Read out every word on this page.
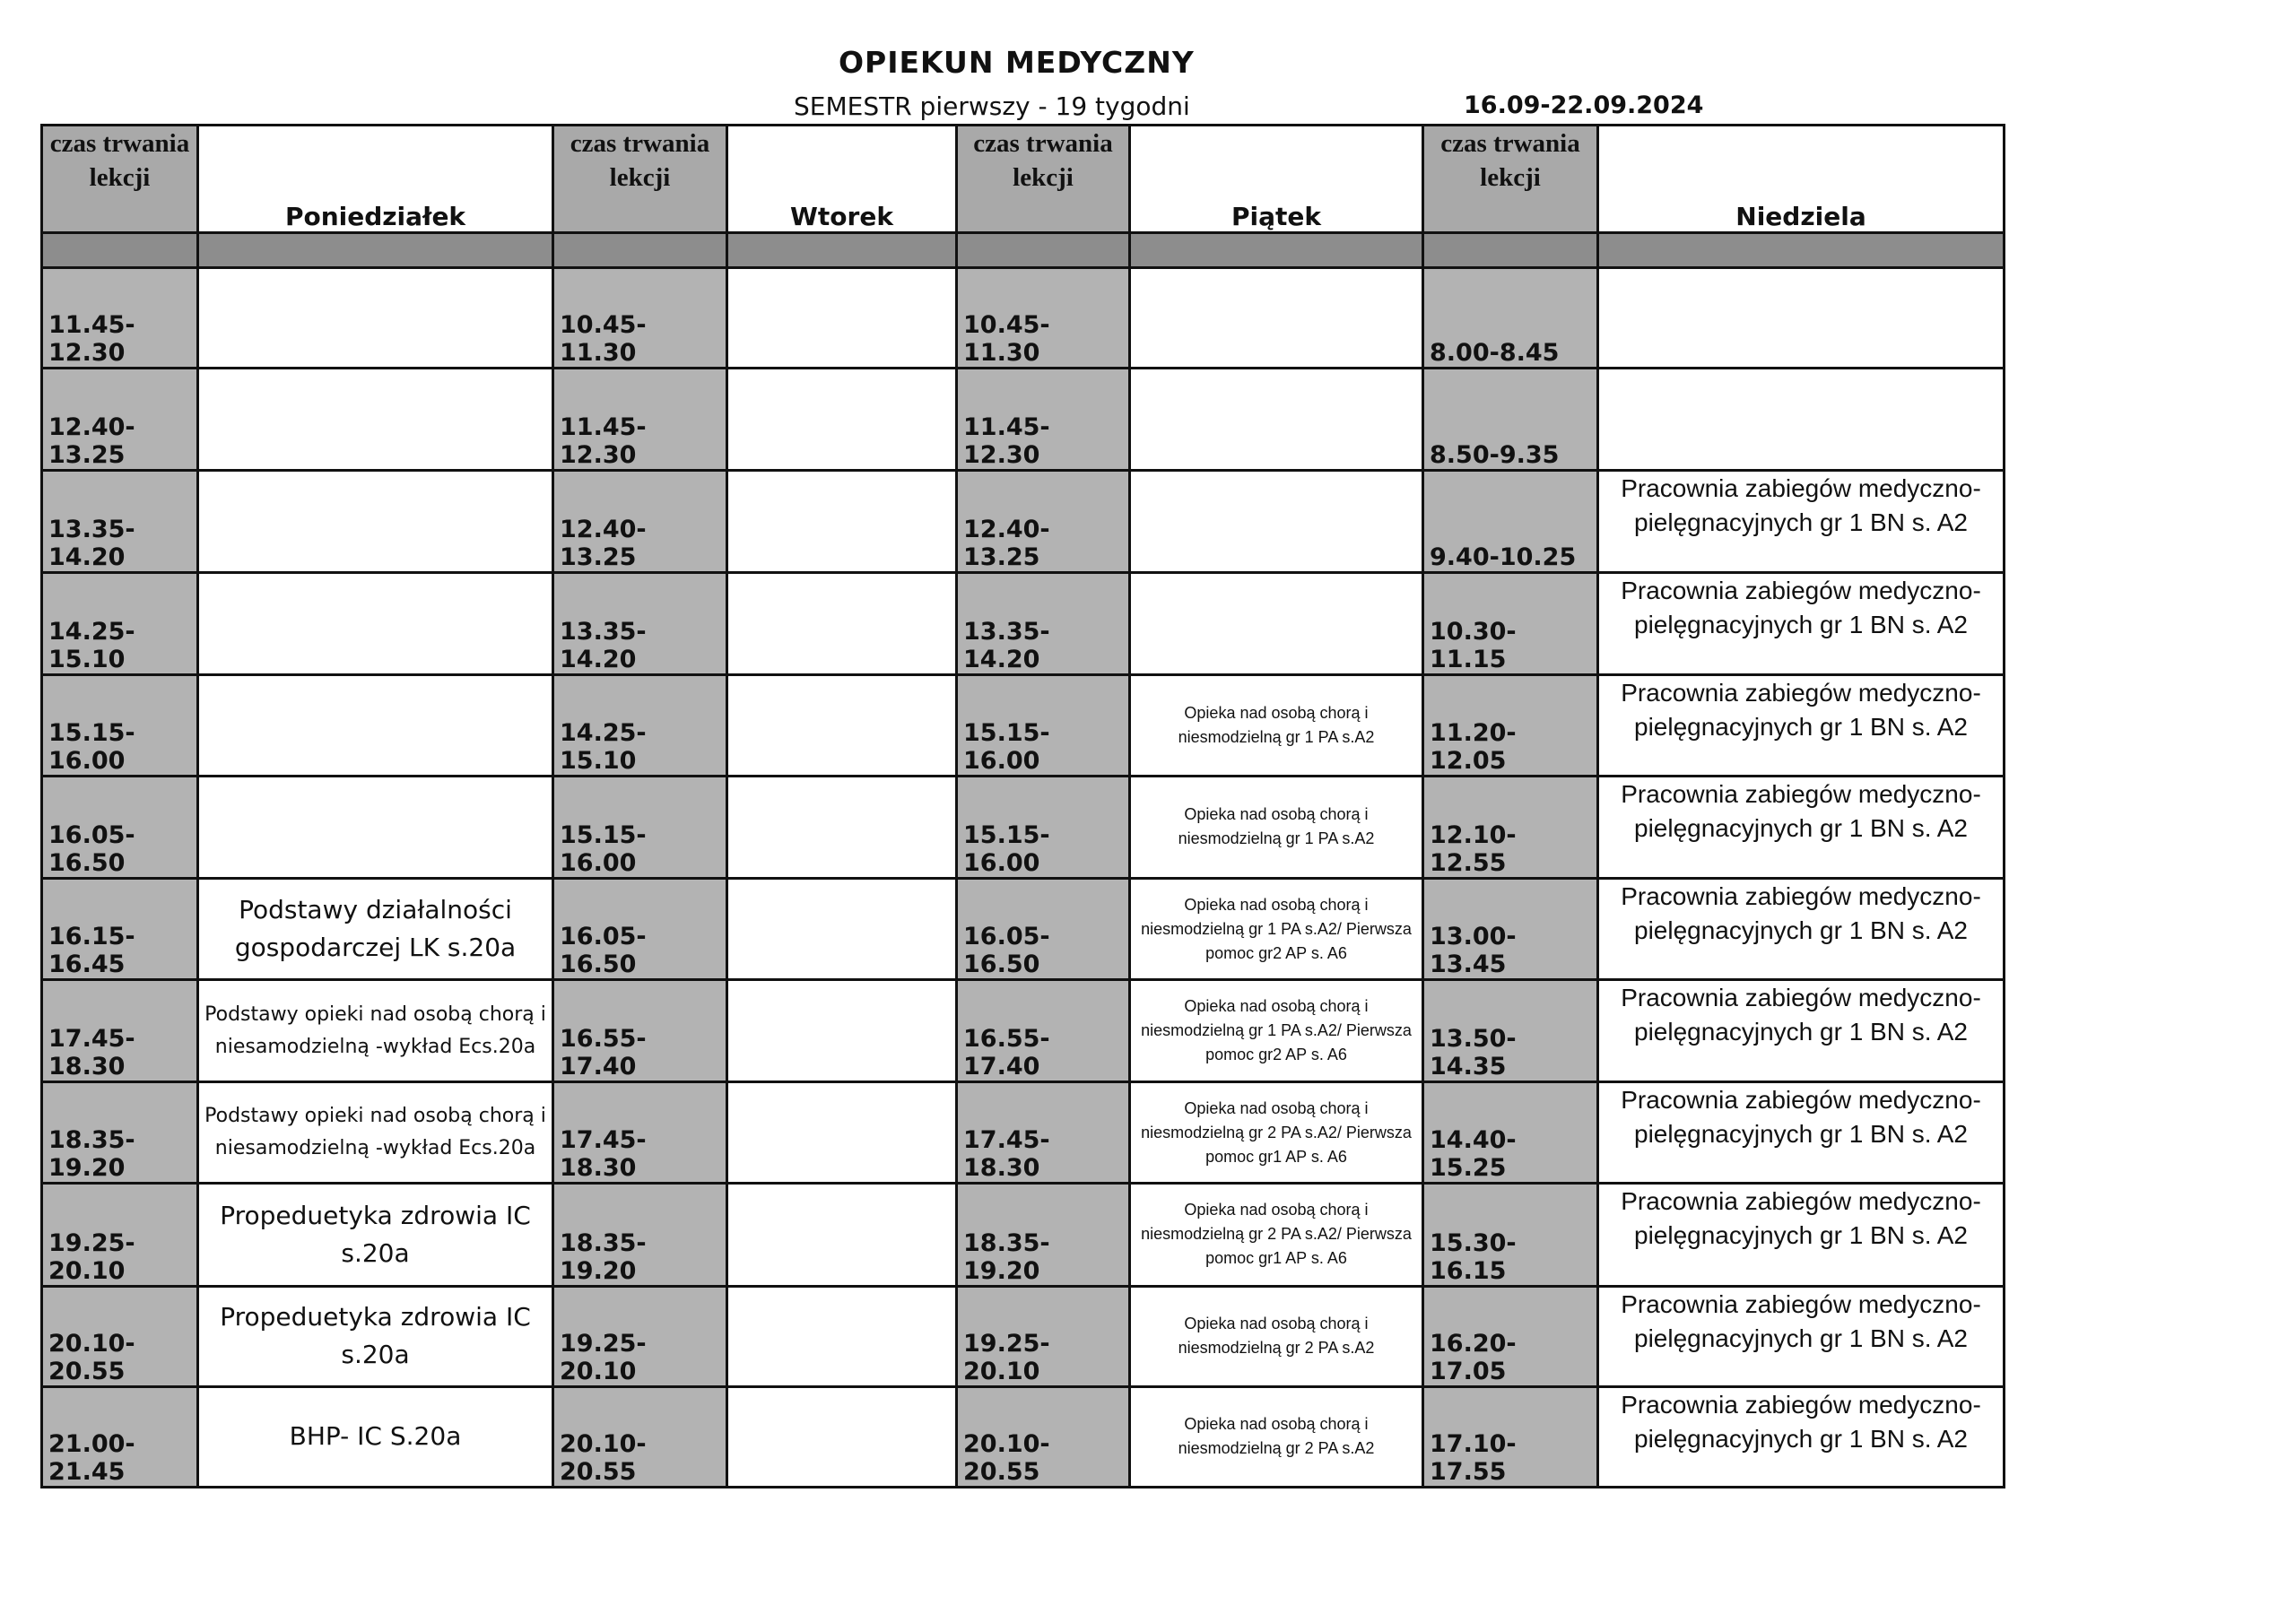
OPIEKUN MEDYCZNY
SEMESTR pierwszy - 19 tygodni	16.09-22.09.2024
czas trwania lekcji	Poniedziałek	czas trwania lekcji	Wtorek	czas trwania lekcji	Piątek	czas trwania lekcji	Niedziela

11.45-12.30		10.45-11.30		10.45-11.30		8.00-8.45	

12.40-13.25		11.45-12.30		11.45-12.30		8.50-9.35	

13.35-14.20		12.40-13.25		12.40-13.25		9.40-10.25	Pracownia zabiegów medyczno-pielęgnacyjnych gr 1 BN s. A2

14.25-15.10		13.35-14.20		13.35-14.20		10.30-11.15	Pracownia zabiegów medyczno-pielęgnacyjnych gr 1 BN s. A2

15.15-16.00		14.25-15.10		15.15-16.00	Opieka nad osobą chorą i niesmodzielną gr 1 PA s.A2	11.20-12.05	Pracownia zabiegów medyczno-pielęgnacyjnych gr 1 BN s. A2

16.05-16.50		15.15-16.00		15.15-16.00	Opieka nad osobą chorą i niesmodzielną gr 1 PA s.A2	12.10-12.55	Pracownia zabiegów medyczno-pielęgnacyjnych gr 1 BN s. A2

16.15-16.45	Podstawy działalności gospodarczej LK s.20a	16.05-16.50		16.05-16.50	Opieka nad osobą chorą i niesmodzielną gr 1 PA s.A2/ Pierwsza pomoc gr2 AP s. A6	13.00-13.45	Pracownia zabiegów medyczno-pielęgnacyjnych gr 1 BN s. A2

17.45-18.30	Podstawy opieki nad osobą chorą i niesamodzielną -wykład Ecs.20a	16.55-17.40		16.55-17.40	Opieka nad osobą chorą i niesmodzielną gr 1 PA s.A2/ Pierwsza pomoc gr2 AP s. A6	13.50-14.35	Pracownia zabiegów medyczno-pielęgnacyjnych gr 1 BN s. A2

18.35-19.20	Podstawy opieki nad osobą chorą i niesamodzielną -wykład Ecs.20a	17.45-18.30		17.45-18.30	Opieka nad osobą chorą i niesmodzielną gr 2 PA s.A2/ Pierwsza pomoc gr1 AP s. A6	14.40-15.25	Pracownia zabiegów medyczno-pielęgnacyjnych gr 1 BN s. A2

19.25-20.10	Propeduetyka zdrowia IC s.20a	18.35-19.20		18.35-19.20	Opieka nad osobą chorą i niesmodzielną gr 2 PA s.A2/ Pierwsza pomoc gr1 AP s. A6	15.30-16.15	Pracownia zabiegów medyczno-pielęgnacyjnych gr 1 BN s. A2

20.10-20.55	Propeduetyka zdrowia IC s.20a	19.25-20.10		19.25-20.10	Opieka nad osobą chorą i niesmodzielną gr 2 PA s.A2	16.20-17.05	Pracownia zabiegów medyczno-pielęgnacyjnych gr 1 BN s. A2

21.00-21.45	BHP- IC S.20a	20.10-20.55		20.10-20.55	Opieka nad osobą chorą i niesmodzielną gr 2 PA s.A2	17.10-17.55	Pracownia zabiegów medyczno-pielęgnacyjnych gr 1 BN s. A2
